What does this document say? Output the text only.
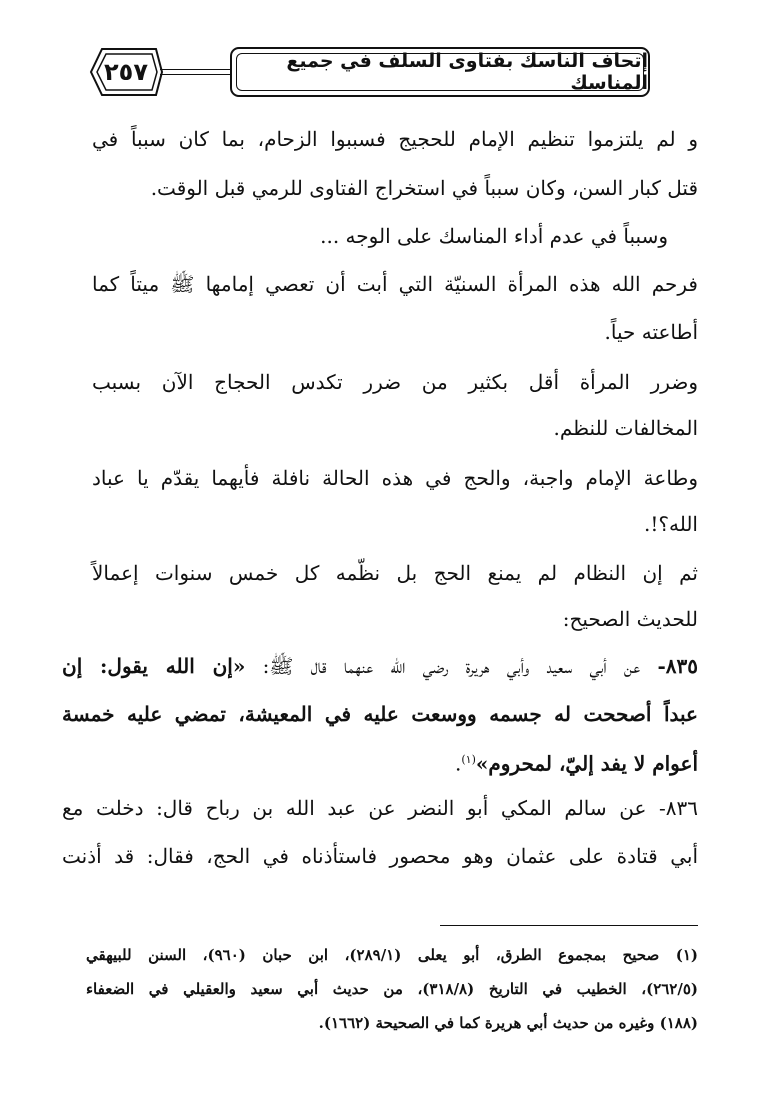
٢٥٧	إتحاف الناسك بفتاوى السلف في جميع المناسك
و لم يلتزموا تنظيم الإمام للحجيج فسببوا الزحام، بما كان سبباً في
قتل كبار السن، وكان سبباً في استخراج الفتاوى للرمي قبل الوقت.
وسبباً في عدم أداء المناسك على الوجه ...
فرحم الله هذه المرأة السنيّة التي أبت أن تعصي إمامها ﷺ ميتاً كما
أطاعته حياً.
وضرر المرأة أقل بكثير من ضرر تكدس الحجاج الآن بسبب
المخالفات للنظم.
وطاعة الإمام واجبة، والحج في هذه الحالة نافلة فأيهما يقدّم يا عباد
الله؟!.
ثم إن النظام لم يمنع الحج بل نظّمه كل خمس سنوات إعمالاً
للحديث الصحيح:
٨٣٥- عن أبي سعيد وأبي هريرة رضي الله عنهما قال ﷺ: «إن الله يقول: إن
عبداً أصححت له جسمه ووسعت عليه في المعيشة، تمضي عليه خمسة
أعوام لا يفد إليّ، لمحروم»$^{(١)}$.
٨٣٦- عن سالم المكي أبو النضر عن عبد الله بن رباح قال: دخلت مع
أبي قتادة على عثمان وهو محصور فاستأذناه في الحج، فقال: قد أذنت
(١) صحيح بمجموع الطرق، أبو يعلى (٢٨٩/١)، ابن حبان (٩٦٠)، السنن للبيهقي
(٢٦٢/٥)، الخطيب في التاريخ (٣١٨/٨)، من حديث أبي سعيد والعقيلي في الضعفاء
(١٨٨) وغيره من حديث أبي هريرة كما في الصحيحة (١٦٦٢).
